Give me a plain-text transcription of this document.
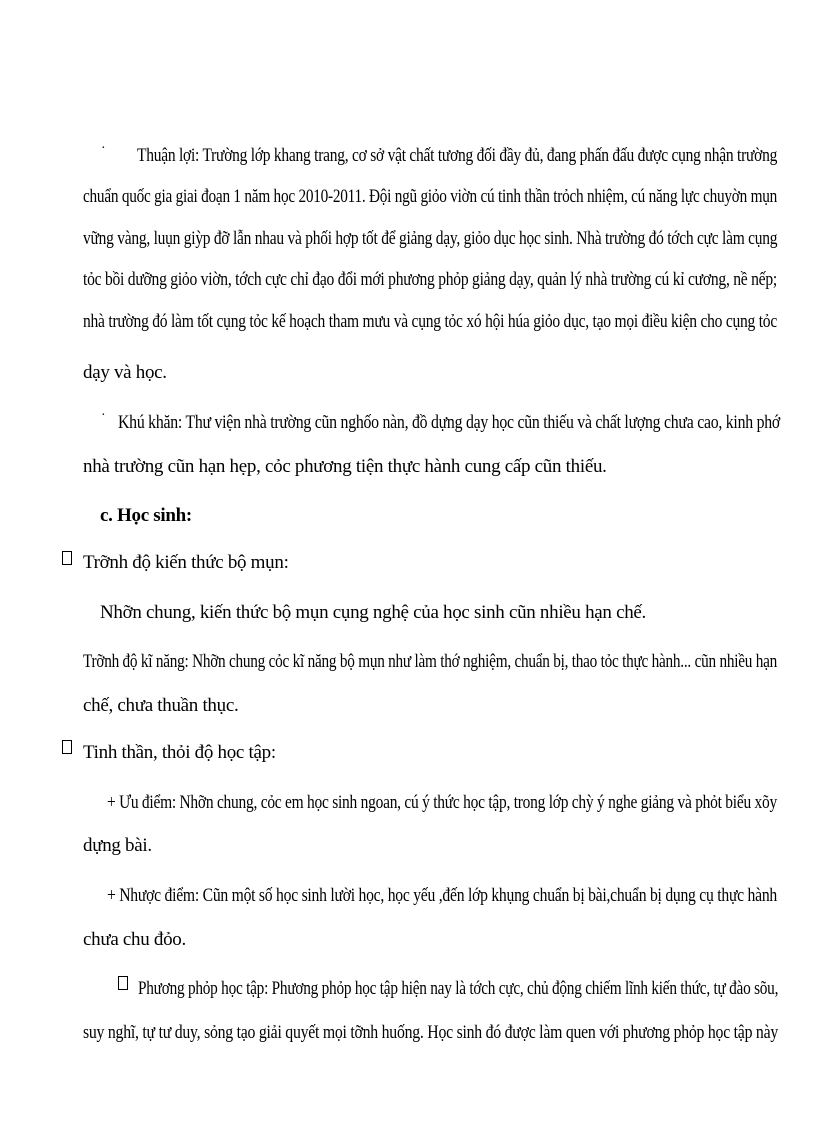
· Thuận lợi: Trường lớp khang trang, cơ sở vật chất tương đối đầy đủ, đang phấn đấu được cụng nhận trường
chuẩn quốc gia giai đoạn 1 năm học 2010-2011. Đội ngũ giỏo viờn cú tinh thần trỏch nhiệm, cú năng lực chuyờn mụn
vững vàng, luụn giỳp đỡ lẫn nhau và phối hợp tốt để giảng dạy, giỏo dục học sinh. Nhà trường đó tớch cực làm cụng
tỏc bồi dưỡng giỏo viờn, tớch cực chỉ đạo đổi mới phương phỏp giảng dạy, quản lý nhà trường cú kỉ cương, nề nếp;
nhà trường đó làm tốt cụng tỏc kế hoạch tham mưu và cụng tỏc xó hội húa giỏo dục, tạo mọi điều kiện cho cụng tỏc
dạy và học.
· Khú khăn: Thư viện nhà trường cũn nghốo nàn, đồ dựng dạy học cũn thiếu và chất lượng chưa cao, kinh phớ
nhà trường cũn hạn hẹp, cỏc phương tiện thực hành cung cấp cũn thiếu.
c. Học sinh:
Trỡnh độ kiến thức bộ mụn:
Nhỡn chung, kiến thức bộ mụn cụng nghệ của học sinh cũn nhiều hạn chế.
Trỡnh độ kĩ năng: Nhỡn chung cỏc kĩ năng bộ mụn như làm thớ nghiệm, chuẩn bị, thao tỏc thực hành... cũn nhiều hạn
chế, chưa thuần thục.
Tinh thần, thỏi độ học tập:
+ Ưu điểm: Nhỡn chung, cỏc em học sinh ngoan, cú ý thức học tập, trong lớp chỳ ý nghe giảng và phỏt biểu xõy
dựng bài.
+ Nhược điểm: Cũn một số học sinh lười học, học yếu ,đến lớp khụng chuẩn bị bài,chuẩn bị dụng cụ thực hành
chưa chu đỏo.
Phương phỏp học tập: Phương phỏp học tập hiện nay là tớch cực, chủ động chiếm lĩnh kiến thức, tự đào sõu,
suy nghĩ, tự tư duy, sỏng tạo giải quyết mọi tỡnh huống. Học sinh đó được làm quen với phương phỏp học tập này
